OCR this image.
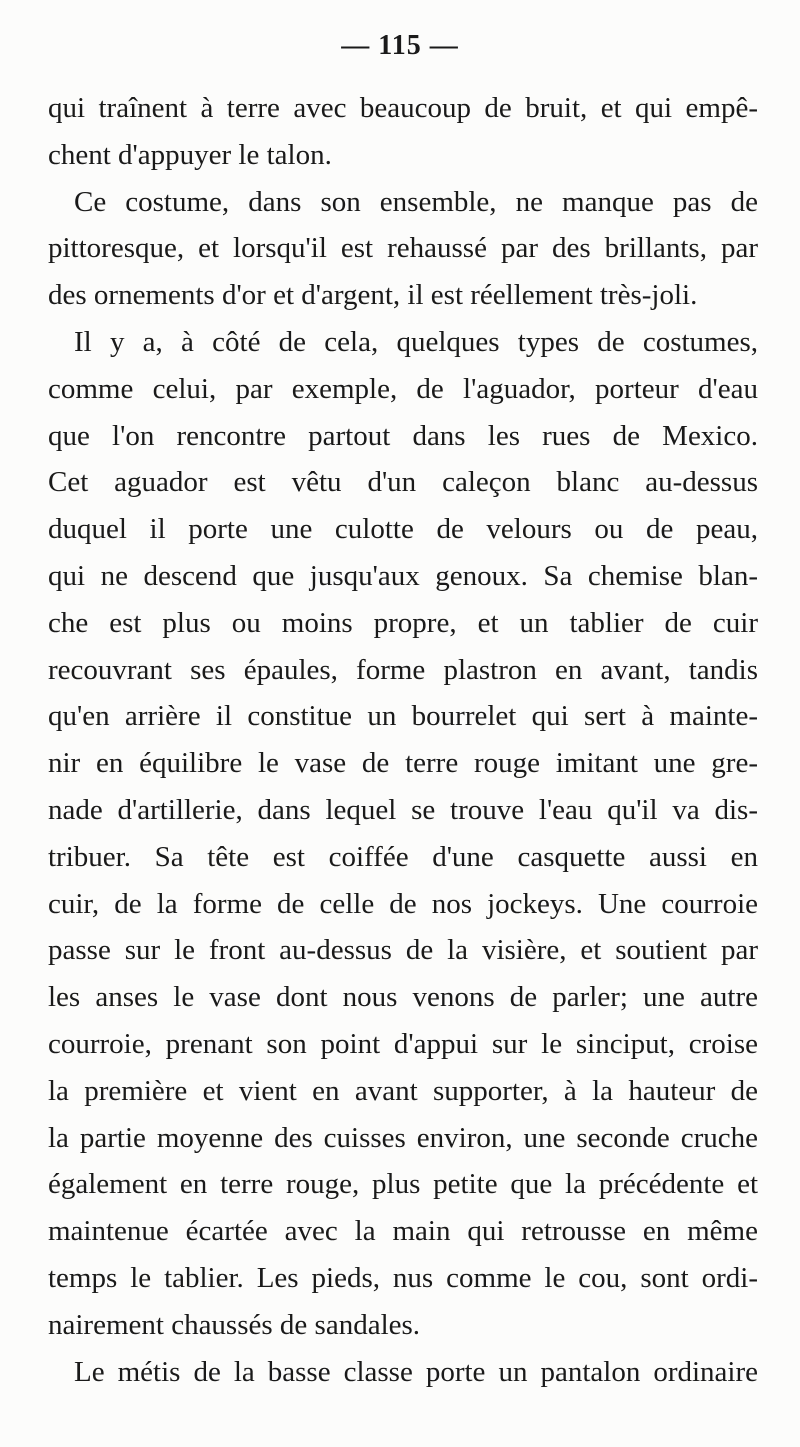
— 115 —
qui traînent à terre avec beaucoup de bruit, et qui empê-
chent d'appuyer le talon.
Ce costume, dans son ensemble, ne manque pas de
pittoresque, et lorsqu'il est rehaussé par des brillants, par
des ornements d'or et d'argent, il est réellement très-joli.
Il y a, à côté de cela, quelques types de costumes,
comme celui, par exemple, de l'aguador, porteur d'eau
que l'on rencontre partout dans les rues de Mexico.
Cet aguador est vêtu d'un caleçon blanc au-dessus
duquel il porte une culotte de velours ou de peau,
qui ne descend que jusqu'aux genoux. Sa chemise blan-
che est plus ou moins propre, et un tablier de cuir
recouvrant ses épaules, forme plastron en avant, tandis
qu'en arrière il constitue un bourrelet qui sert à mainte-
nir en équilibre le vase de terre rouge imitant une gre-
nade d'artillerie, dans lequel se trouve l'eau qu'il va dis-
tribuer. Sa tête est coiffée d'une casquette aussi en
cuir, de la forme de celle de nos jockeys. Une courroie
passe sur le front au-dessus de la visière, et soutient par
les anses le vase dont nous venons de parler; une autre
courroie, prenant son point d'appui sur le sinciput, croise
la première et vient en avant supporter, à la hauteur de
la partie moyenne des cuisses environ, une seconde cruche
également en terre rouge, plus petite que la précédente et
maintenue écartée avec la main qui retrousse en même
temps le tablier. Les pieds, nus comme le cou, sont ordi-
nairement chaussés de sandales.
Le métis de la basse classe porte un pantalon ordinaire
